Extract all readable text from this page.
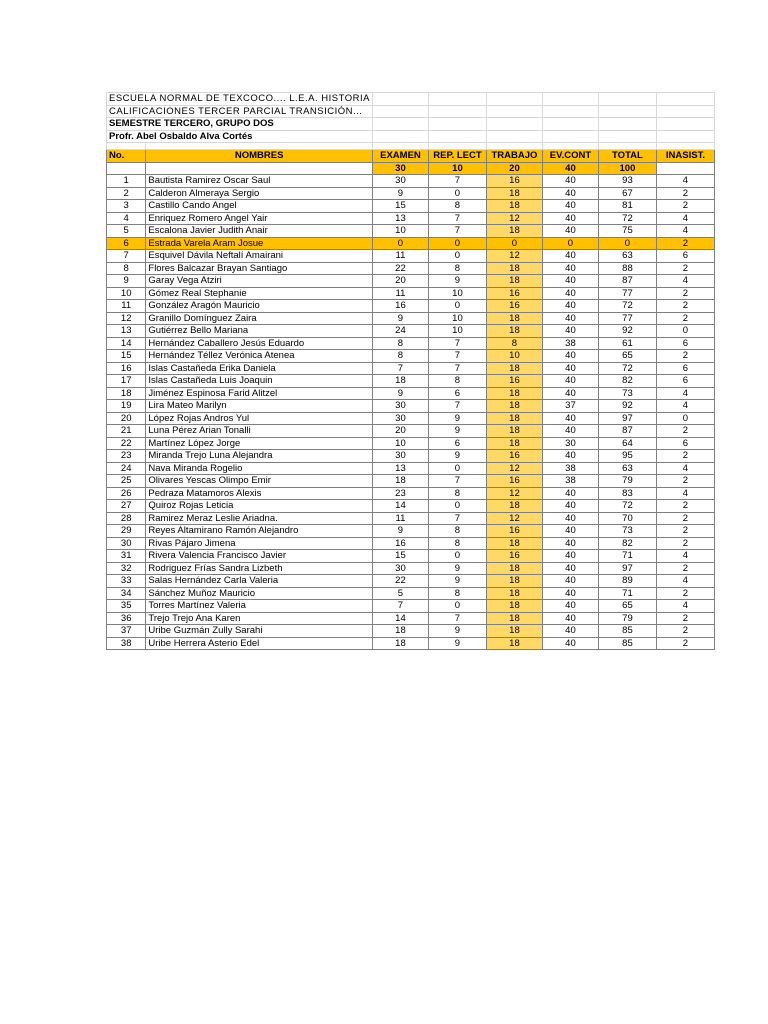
ESCUELA NORMAL DE TEXCOCO.... L.E.A. HISTORIA							
CALIFICACIONES TERCER PARCIAL TRANSICIÓN...							
SEMESTRE TERCERO, GRUPO DOS							
Profr. Abel Osbaldo Alva Cortés							

No.	NOMBRES	EXAMEN	REP. LECT	TRABAJO	EV.CONT	TOTAL	INASIST.
		30	10	20	40	100	
1	Bautista Ramirez Oscar Saul	30	7	16	40	93	4
2	Calderon Almeraya Sergio	9	0	18	40	67	2
3	Castillo Cando Angel	15	8	18	40	81	2
4	Enriquez Romero Angel Yair	13	7	12	40	72	4
5	Escalona Javier Judith Anair	10	7	18	40	75	4
6	Estrada Varela Aram Josue	0	0	0	0	0	2
7	Esquivel Dávila Neftalí Amairani	11	0	12	40	63	6
8	Flores Balcazar Brayan Santiago	22	8	18	40	88	2
9	Garay Vega Atziri	20	9	18	40	87	4
10	Gómez Real Stephanie	11	10	16	40	77	2
11	González Aragón Mauricio	16	0	16	40	72	2
12	Granillo Domínguez Zaira	9	10	18	40	77	2
13	Gutiérrez Bello Mariana	24	10	18	40	92	0
14	Hernández Caballero Jesús Eduardo	8	7	8	38	61	6
15	Hernández Téllez Verónica Atenea	8	7	10	40	65	2
16	Islas Castañeda Erika Daniela	7	7	18	40	72	6
17	Islas Castañeda Luis Joaquin	18	8	16	40	82	6
18	Jiménez Espinosa Farid Alitzel	9	6	18	40	73	4
19	Lira Mateo Marilyn	30	7	18	37	92	4
20	López Rojas Andros Yul	30	9	18	40	97	0
21	Luna Pérez Arian Tonalli	20	9	18	40	87	2
22	Martínez López Jorge	10	6	18	30	64	6
23	Miranda Trejo Luna Alejandra	30	9	16	40	95	2
24	Nava Miranda Rogelio	13	0	12	38	63	4
25	Olivares Yescas Olimpo Emir	18	7	16	38	79	2
26	Pedraza Matamoros Alexis	23	8	12	40	83	4
27	Quiroz Rojas Leticia	14	0	18	40	72	2
28	Ramirez Meraz Leslie Ariadna.	11	7	12	40	70	2
29	Reyes Altamirano Ramón Alejandro	9	8	16	40	73	2
30	Rivas Pájaro Jimena	16	8	18	40	82	2
31	Rivera Valencia Francisco Javier	15	0	16	40	71	4
32	Rodriguez Frías Sandra Lizbeth	30	9	18	40	97	2
33	Salas Hernández Carla Valeria	22	9	18	40	89	4
34	Sánchez Muñoz Mauricio	5	8	18	40	71	2
35	Torres Martínez Valeria	7	0	18	40	65	4
36	Trejo Trejo Ana Karen	14	7	18	40	79	2
37	Uribe Guzmán Zully Sarahi	18	9	18	40	85	2
38	Uribe Herrera Asterio Edel	18	9	18	40	85	2
